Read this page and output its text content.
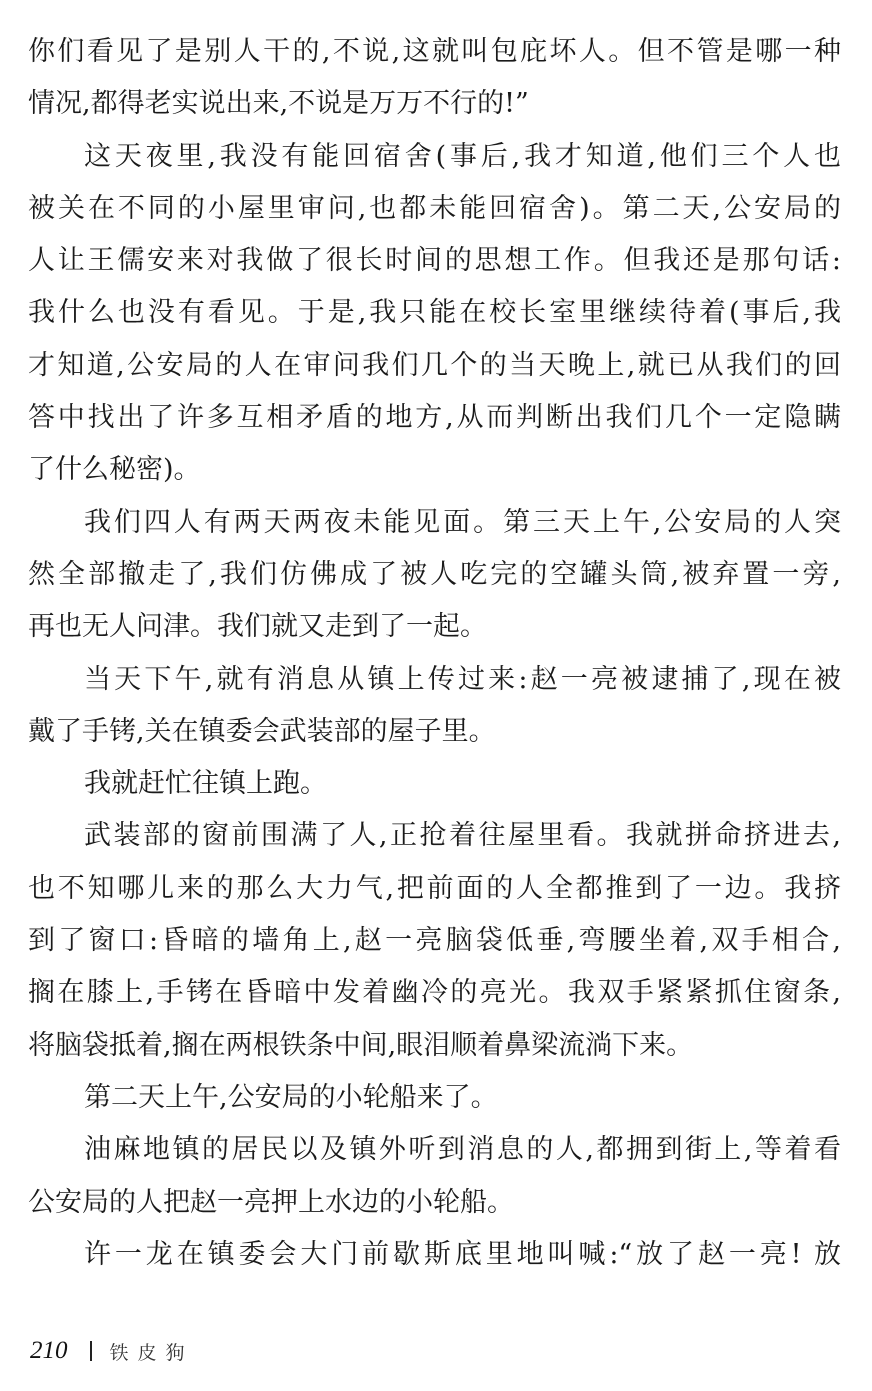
你们看见了是别人干的,不说,这就叫包庇坏人。但不管是哪一种
情况,都得老实说出来,不说是万万不行的!”
这天夜里,我没有能回宿舍(事后,我才知道,他们三个人也
被关在不同的小屋里审问,也都未能回宿舍)。第二天,公安局的
人让王儒安来对我做了很长时间的思想工作。但我还是那句话:
我什么也没有看见。于是,我只能在校长室里继续待着(事后,我
才知道,公安局的人在审问我们几个的当天晚上,就已从我们的回
答中找出了许多互相矛盾的地方,从而判断出我们几个一定隐瞒
了什么秘密)。
我们四人有两天两夜未能见面。第三天上午,公安局的人突
然全部撤走了,我们仿佛成了被人吃完的空罐头筒,被弃置一旁,
再也无人问津。我们就又走到了一起。
当天下午,就有消息从镇上传过来:赵一亮被逮捕了,现在被
戴了手铐,关在镇委会武装部的屋子里。
我就赶忙往镇上跑。
武装部的窗前围满了人,正抢着往屋里看。我就拼命挤进去,
也不知哪儿来的那么大力气,把前面的人全都推到了一边。我挤
到了窗口:昏暗的墙角上,赵一亮脑袋低垂,弯腰坐着,双手相合,
搁在膝上,手铐在昏暗中发着幽冷的亮光。我双手紧紧抓住窗条,
将脑袋抵着,搁在两根铁条中间,眼泪顺着鼻梁流淌下来。
第二天上午,公安局的小轮船来了。
油麻地镇的居民以及镇外听到消息的人,都拥到街上,等着看
公安局的人把赵一亮押上水边的小轮船。
许一龙在镇委会大门前歇斯底里地叫喊:“放了赵一亮! 放
210 铁皮狗
